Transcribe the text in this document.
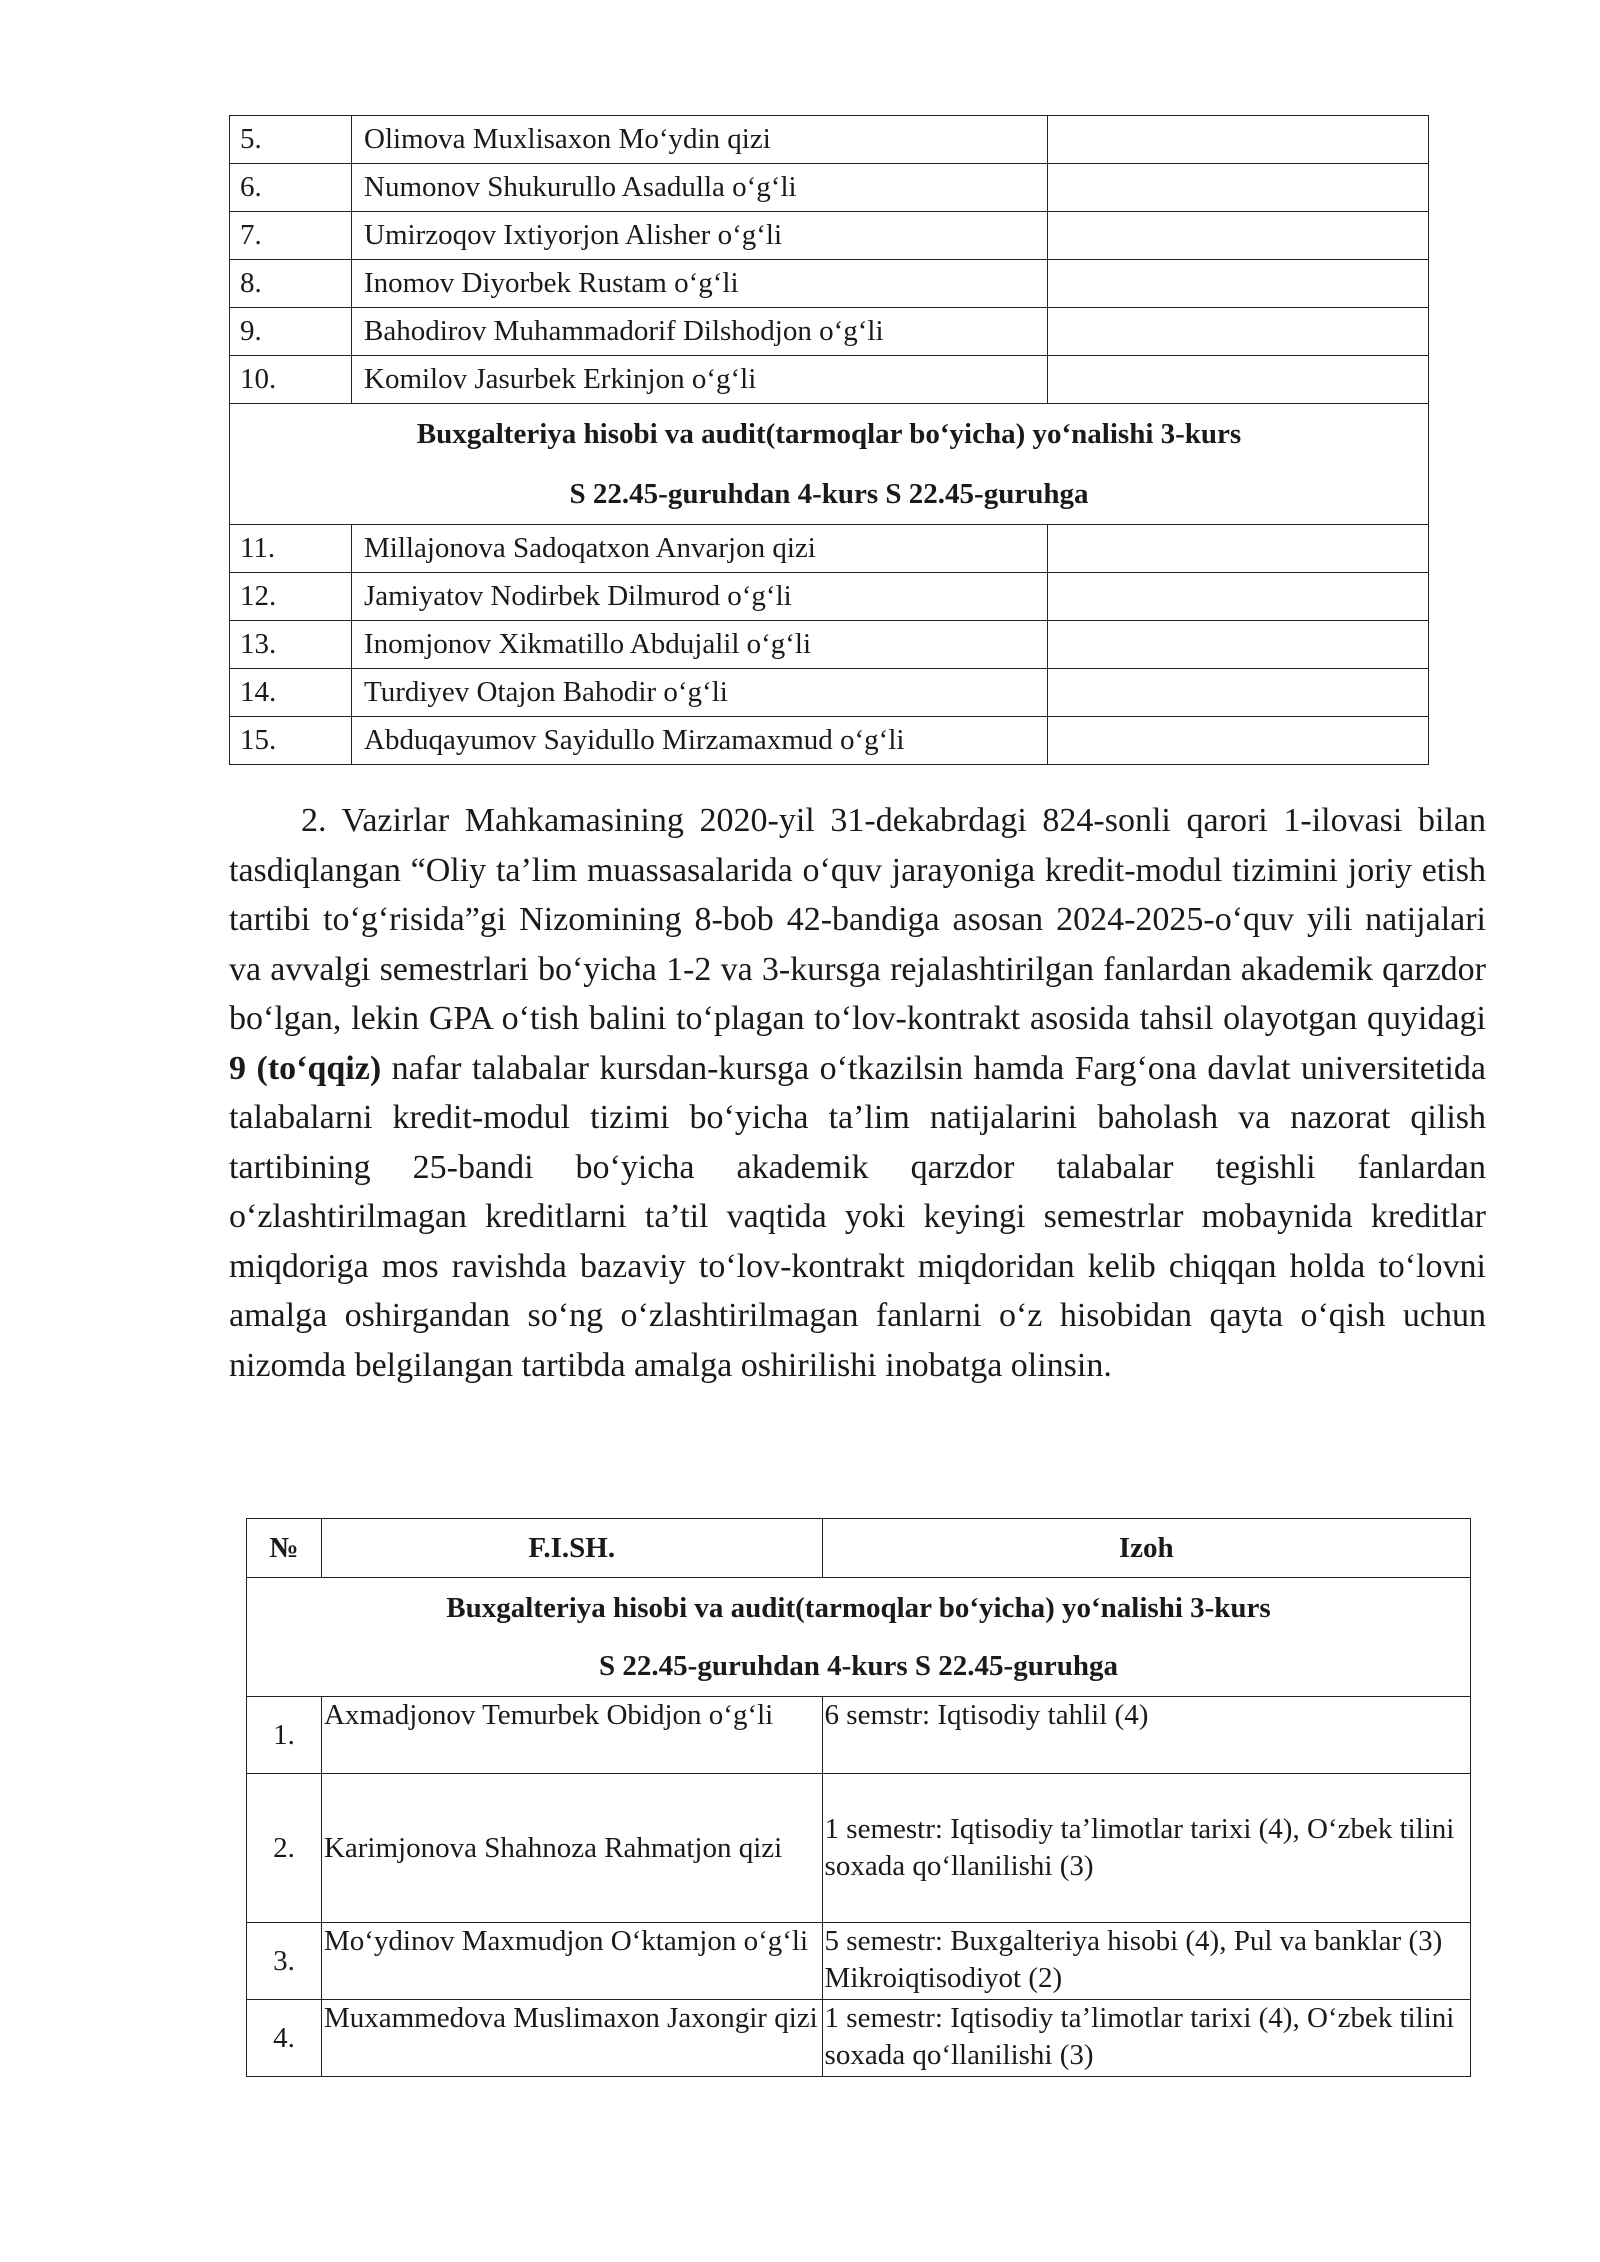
5.	Olimova Muxlisaxon Mo‘ydin qizi	
6.	Numonov Shukurullo Asadulla o‘g‘li	
7.	Umirzoqov Ixtiyorjon Alisher o‘g‘li	
8.	Inomov Diyorbek Rustam o‘g‘li	
9.	Bahodirov Muhammadorif Dilshodjon o‘g‘li	
10.	Komilov Jasurbek Erkinjon o‘g‘li	

Buxgalteriya hisobi va audit(tarmoqlar bo‘yicha) yo‘nalishi 3-kurs
S 22.45-guruhdan 4-kurs S 22.45-guruhga		

11.	Millajonova Sadoqatxon Anvarjon qizi	
12.	Jamiyatov Nodirbek Dilmurod o‘g‘li	
13.	Inomjonov Xikmatillo Abdujalil o‘g‘li	
14.	Turdiyev Otajon Bahodir o‘g‘li	
15.	Abduqayumov Sayidullo Mirzamaxmud o‘g‘li	

2. Vazirlar Mahkamasining 2020-yil 31-dekabrdagi 824-sonli qarori 1-ilovasi bilan tasdiqlangan “Oliy ta’lim muassasalarida o‘quv jarayoniga kredit-modul tizimini joriy etish tartibi to‘g‘risida”gi Nizomining 8-bob 42-bandiga asosan 2024-2025-o‘quv yili natijalari va avvalgi semestrlari bo‘yicha 1-2 va 3-kursga rejalashtirilgan fanlardan akademik qarzdor bo‘lgan, lekin GPA o‘tish balini to‘plagan to‘lov-kontrakt asosida tahsil olayotgan quyidagi 9 (to‘qqiz) nafar talabalar kursdan-kursga o‘tkazilsin hamda Farg‘ona davlat universitetida talabalarni kredit-modul tizimi bo‘yicha ta’lim natijalarini baholash va nazorat qilish tartibining 25-bandi bo‘yicha akademik qarzdor talabalar tegishli fanlardan o‘zlashtirilmagan kreditlarni ta’til vaqtida yoki keyingi semestrlar mobaynida kreditlar miqdoriga mos ravishda bazaviy to‘lov-kontrakt miqdoridan kelib chiqqan holda to‘lovni amalga oshirgandan so‘ng o‘zlashtirilmagan fanlarni o‘z hisobidan qayta o‘qish uchun nizomda belgilangan tartibda amalga oshirilishi inobatga olinsin.

№	F.I.SH.	Izoh

Buxgalteriya hisobi va audit(tarmoqlar bo‘yicha) yo‘nalishi 3-kurs
S 22.45-guruhdan 4-kurs S 22.45-guruhga		

1.	Axmadjonov Temurbek Obidjon o‘g‘li	6 semstr: Iqtisodiy tahlil (4)
2.	Karimjonova Shahnoza Rahmatjon qizi	1 semestr: Iqtisodiy ta’limotlar tarixi (4), O‘zbek tilini soxada qo‘llanilishi (3)
3.	Mo‘ydinov Maxmudjon O‘ktamjon o‘g‘li	5 semestr: Buxgalteriya hisobi (4), Pul va banklar (3) Mikroiqtisodiyot (2)
4.	Muxammedova Muslimaxon Jaxongir qizi	1 semestr: Iqtisodiy ta’limotlar tarixi (4), O‘zbek tilini soxada qo‘llanilishi (3)
